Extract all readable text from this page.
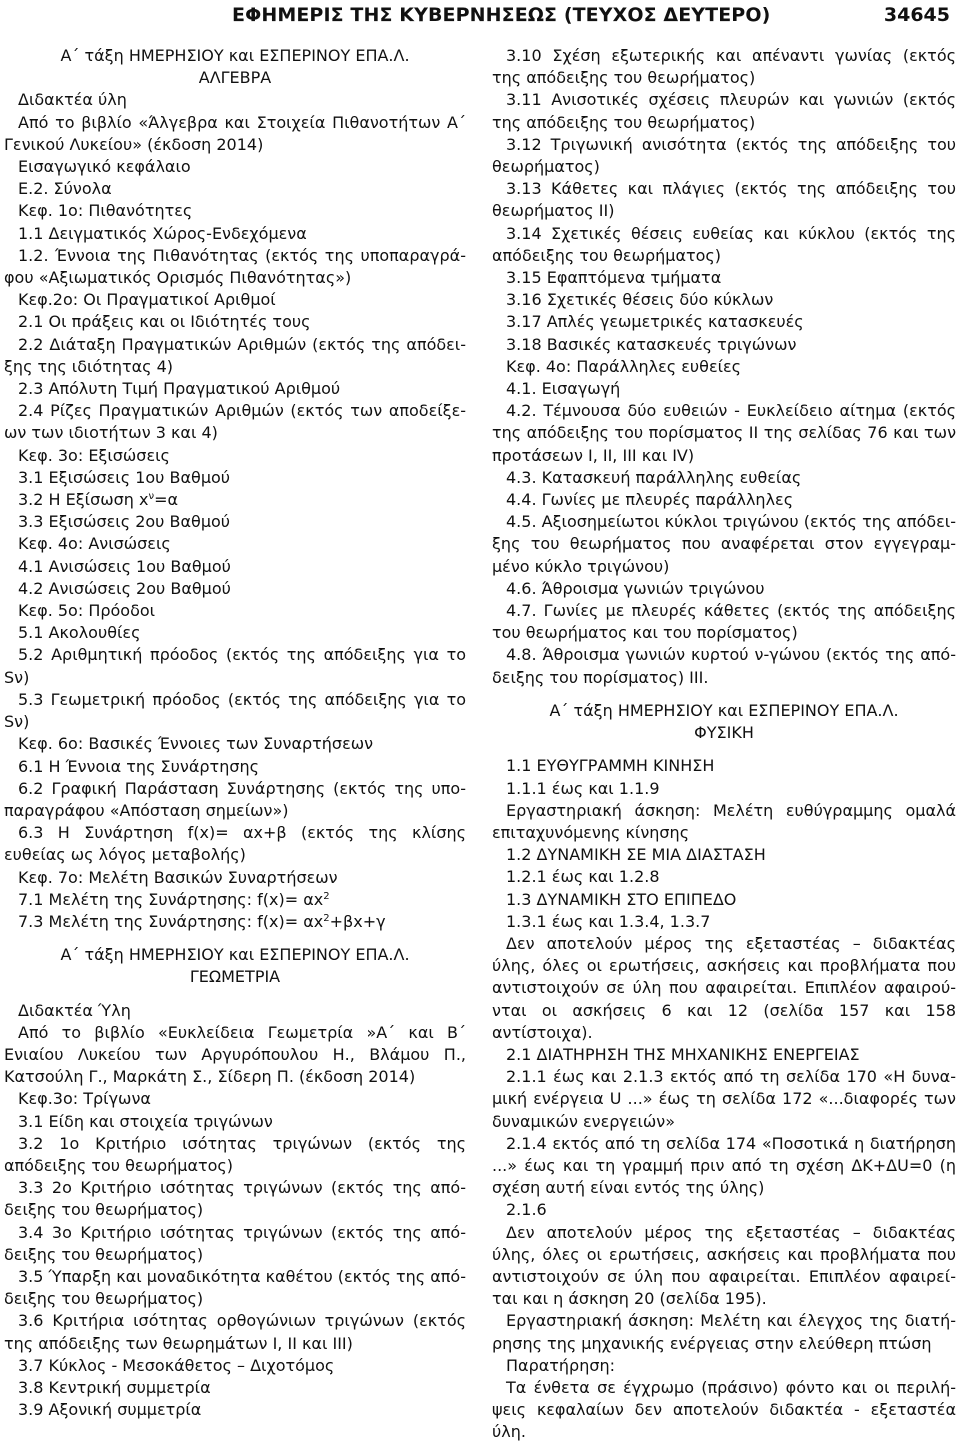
ΕΦΗΜΕΡΙΣ ΤΗΣ ΚΥΒΕΡΝΗΣΕΩΣ (ΤΕΥΧΟΣ ΔΕΥΤΕΡΟ)	34645

Α΄ τάξη ΗΜΕΡΗΣΙΟΥ και ΕΣΠΕΡΙΝΟΥ ΕΠΑ.Λ.

ΑΛΓΕΒΡΑ

Διδακτέα ύλη

Από το βιβλίο «Άλγεβρα και Στοιχεία Πιθανοτήτων Α΄ Γενικού Λυκείου» (έκδοση 2014)

Εισαγωγικό κεφάλαιο

Ε.2. Σύνολα

Κεφ. 1ο: Πιθανότητες

1.1 Δειγματικός Χώρος-Ενδεχόμενα

1.2. Έννοια της Πιθανότητας (εκτός της υποπαραγράφου «Αξιωματικός Ορισμός Πιθανότητας»)

Κεφ.2ο: Οι Πραγματικοί Αριθμοί

2.1 Οι πράξεις και οι Ιδιότητές τους

2.2 Διάταξη Πραγματικών Αριθμών (εκτός της απόδειξης της ιδιότητας 4)

2.3 Απόλυτη Τιμή Πραγματικού Αριθμού

2.4 Ρίζες Πραγματικών Αριθμών (εκτός των αποδείξεων των ιδιοτήτων 3 και 4)

Κεφ. 3ο: Εξισώσεις

3.1 Εξισώσεις 1ου Βαθμού

3.2 Η Εξίσωση $x^\nu=\alpha$

3.3 Εξισώσεις 2ου Βαθμού

Κεφ. 4ο: Ανισώσεις

4.1 Ανισώσεις 1ου Βαθμού

4.2 Ανισώσεις 2ου Βαθμού

Κεφ. 5ο: Πρόοδοι

5.1 Ακολουθίες

5.2 Αριθμητική πρόοδος (εκτός της απόδειξης για το Sν)

5.3 Γεωμετρική πρόοδος (εκτός της απόδειξης για το Sν)

Κεφ. 6ο: Βασικές Έννοιες των Συναρτήσεων

6.1 Η Έννοια της Συνάρτησης

6.2 Γραφική Παράσταση Συνάρτησης (εκτός της υποπαραγράφου «Απόσταση σημείων»)

6.3 Η Συνάρτηση f(x)= αx+β (εκτός της κλίσης ευθείας ως λόγος μεταβολής)

Κεφ. 7ο: Μελέτη Βασικών Συναρτήσεων

7.1 Μελέτη της Συνάρτησης: $f(x)= \alpha x^2$

7.3 Μελέτη της Συνάρτησης: $f(x)= \alpha x^2+\beta x+\gamma$

Α΄ τάξη ΗΜΕΡΗΣΙΟΥ και ΕΣΠΕΡΙΝΟΥ ΕΠΑ.Λ.

ΓΕΩΜΕΤΡΙΑ

Διδακτέα Ύλη

Από το βιβλίο «Ευκλείδεια Γεωμετρία »Α΄ και Β΄ Ενιαίου Λυκείου των Αργυρόπουλου Η., Βλάμου Π., Κατσούλη Γ., Μαρκάτη Σ., Σίδερη Π. (έκδοση 2014)

Κεφ.3ο: Τρίγωνα

3.1 Είδη και στοιχεία τριγώνων

3.2 1ο Κριτήριο ισότητας τριγώνων (εκτός της απόδειξης του θεωρήματος)

3.3 2ο Κριτήριο ισότητας τριγώνων (εκτός της απόδειξης του θεωρήματος)

3.4 3ο Κριτήριο ισότητας τριγώνων (εκτός της απόδειξης του θεωρήματος)

3.5 Ύπαρξη και μοναδικότητα καθέτου (εκτός της απόδειξης του θεωρήματος)

3.6 Κριτήρια ισότητας ορθογώνιων τριγώνων (εκτός της απόδειξης των θεωρημάτων Ι, ΙΙ και ΙΙΙ)

3.7 Κύκλος - Μεσοκάθετος – Διχοτόμος

3.8 Κεντρική συμμετρία

3.9 Αξονική συμμετρία

3.10 Σχέση εξωτερικής και απέναντι γωνίας (εκτός της απόδειξης του θεωρήματος)

3.11 Ανισοτικές σχέσεις πλευρών και γωνιών (εκτός της απόδειξης του θεωρήματος)

3.12 Τριγωνική ανισότητα (εκτός της απόδειξης του θεωρήματος)

3.13 Κάθετες και πλάγιες (εκτός της απόδειξης του θεωρήματος ΙΙ)

3.14 Σχετικές θέσεις ευθείας και κύκλου (εκτός της απόδειξης του θεωρήματος)

3.15 Εφαπτόμενα τμήματα

3.16 Σχετικές θέσεις δύο κύκλων

3.17 Απλές γεωμετρικές κατασκευές

3.18 Βασικές κατασκευές τριγώνων

Κεφ. 4ο: Παράλληλες ευθείες

4.1. Εισαγωγή

4.2. Τέμνουσα δύο ευθειών - Ευκλείδειο αίτημα (εκτός της απόδειξης του πορίσματος ΙΙ της σελίδας 76 και των προτάσεων Ι, ΙΙ, ΙΙΙ και ΙV)

4.3. Κατασκευή παράλληλης ευθείας

4.4. Γωνίες με πλευρές παράλληλες

4.5. Αξιοσημείωτοι κύκλοι τριγώνου (εκτός της απόδειξης του θεωρήματος που αναφέρεται στον εγγεγραμμένο κύκλο τριγώνου)

4.6. Άθροισμα γωνιών τριγώνου

4.7. Γωνίες με πλευρές κάθετες (εκτός της απόδειξης του θεωρήματος και του πορίσματος)

4.8. Άθροισμα γωνιών κυρτού ν-γώνου (εκτός της απόδειξης του πορίσματος) ΙΙΙ.

Α΄ τάξη ΗΜΕΡΗΣΙΟΥ και ΕΣΠΕΡΙΝΟΥ ΕΠΑ.Λ.

ΦΥΣΙΚΗ

1.1 ΕΥΘΥΓΡΑΜΜΗ ΚΙΝΗΣΗ

1.1.1 έως και 1.1.9

Εργαστηριακή άσκηση: Μελέτη ευθύγραμμης ομαλά επιταχυνόμενης κίνησης

1.2 ΔΥΝΑΜΙΚΗ ΣΕ ΜΙΑ ΔΙΑΣΤΑΣΗ

1.2.1 έως και 1.2.8

1.3 ΔΥΝΑΜΙΚΗ ΣΤΟ ΕΠΙΠΕΔΟ

1.3.1 έως και 1.3.4, 1.3.7

Δεν αποτελούν μέρος της εξεταστέας – διδακτέας ύλης, όλες οι ερωτήσεις, ασκήσεις και προβλήματα που αντιστοιχούν σε ύλη που αφαιρείται. Επιπλέον αφαιρούνται οι ασκήσεις 6 και 12 (σελίδα 157 και 158 αντίστοιχα).

2.1 ΔΙΑΤΗΡΗΣΗ ΤΗΣ ΜΗΧΑΝΙΚΗΣ ΕΝΕΡΓΕΙΑΣ

2.1.1 έως και 2.1.3 εκτός από τη σελίδα 170 «Η δυναμική ενέργεια U ...» έως τη σελίδα 172 «...διαφορές των δυναμικών ενεργειών»

2.1.4 εκτός από τη σελίδα 174 «Ποσοτικά η διατήρηση ...» έως και τη γραμμή πριν από τη σχέση ΔΚ+ΔU=0 (η σχέση αυτή είναι εντός της ύλης)

2.1.6

Δεν αποτελούν μέρος της εξεταστέας – διδακτέας ύλης, όλες οι ερωτήσεις, ασκήσεις και προβλήματα που αντιστοιχούν σε ύλη που αφαιρείται. Επιπλέον αφαιρείται και η άσκηση 20 (σελίδα 195).

Εργαστηριακή άσκηση: Μελέτη και έλεγχος της διατήρησης της μηχανικής ενέργειας στην ελεύθερη πτώση

Παρατήρηση:

Τα ένθετα σε έγχρωμο (πράσινο) φόντο και οι περιλήψεις κεφαλαίων δεν αποτελούν διδακτέα - εξεταστέα ύλη.
